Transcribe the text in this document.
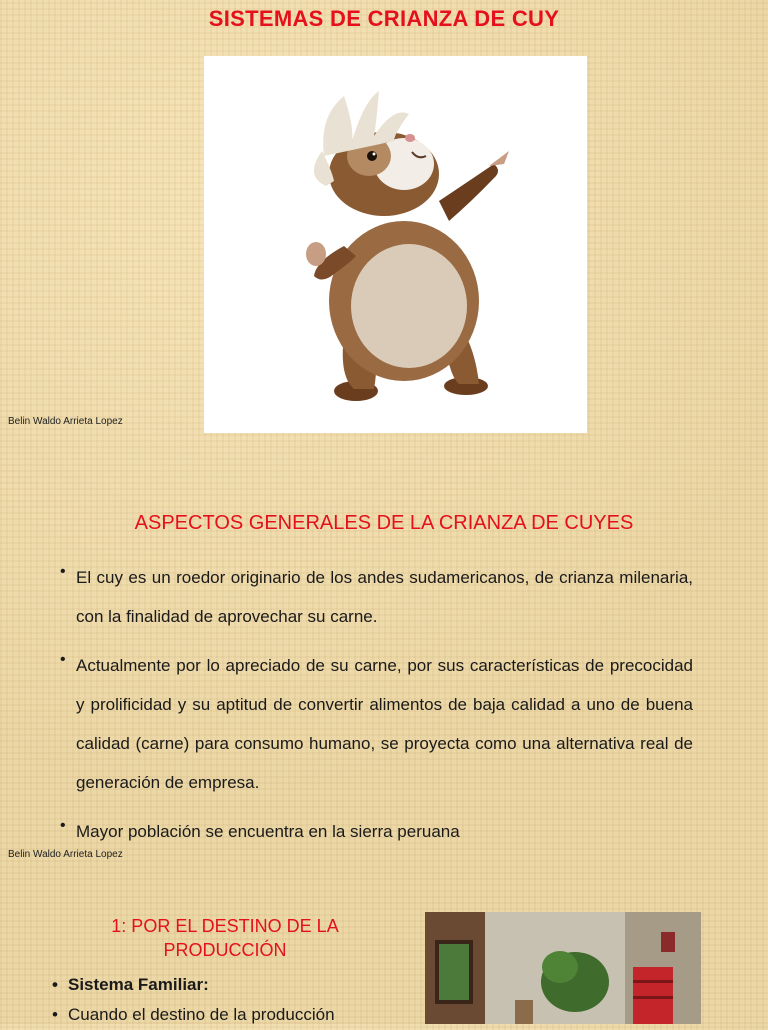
SISTEMAS DE CRIANZA DE CUY
Belin Waldo Arrieta Lopez
ASPECTOS GENERALES DE LA CRIANZA DE CUYES
• El cuy es un roedor originario de los andes sudamericanos, de crianza milenaria, con la finalidad de aprovechar su carne.
• Actualmente por lo apreciado de su carne, por sus características de precocidad y prolificidad y su aptitud de convertir alimentos de baja calidad a uno de buena calidad (carne) para consumo humano, se proyecta como una alternativa real de generación de empresa.
• Mayor población se encuentra en la sierra peruana
Belin Waldo Arrieta Lopez
1: POR EL DESTINO DE LA PRODUCCIÓN
• Sistema Familiar:
• Cuando el destino de la producción
